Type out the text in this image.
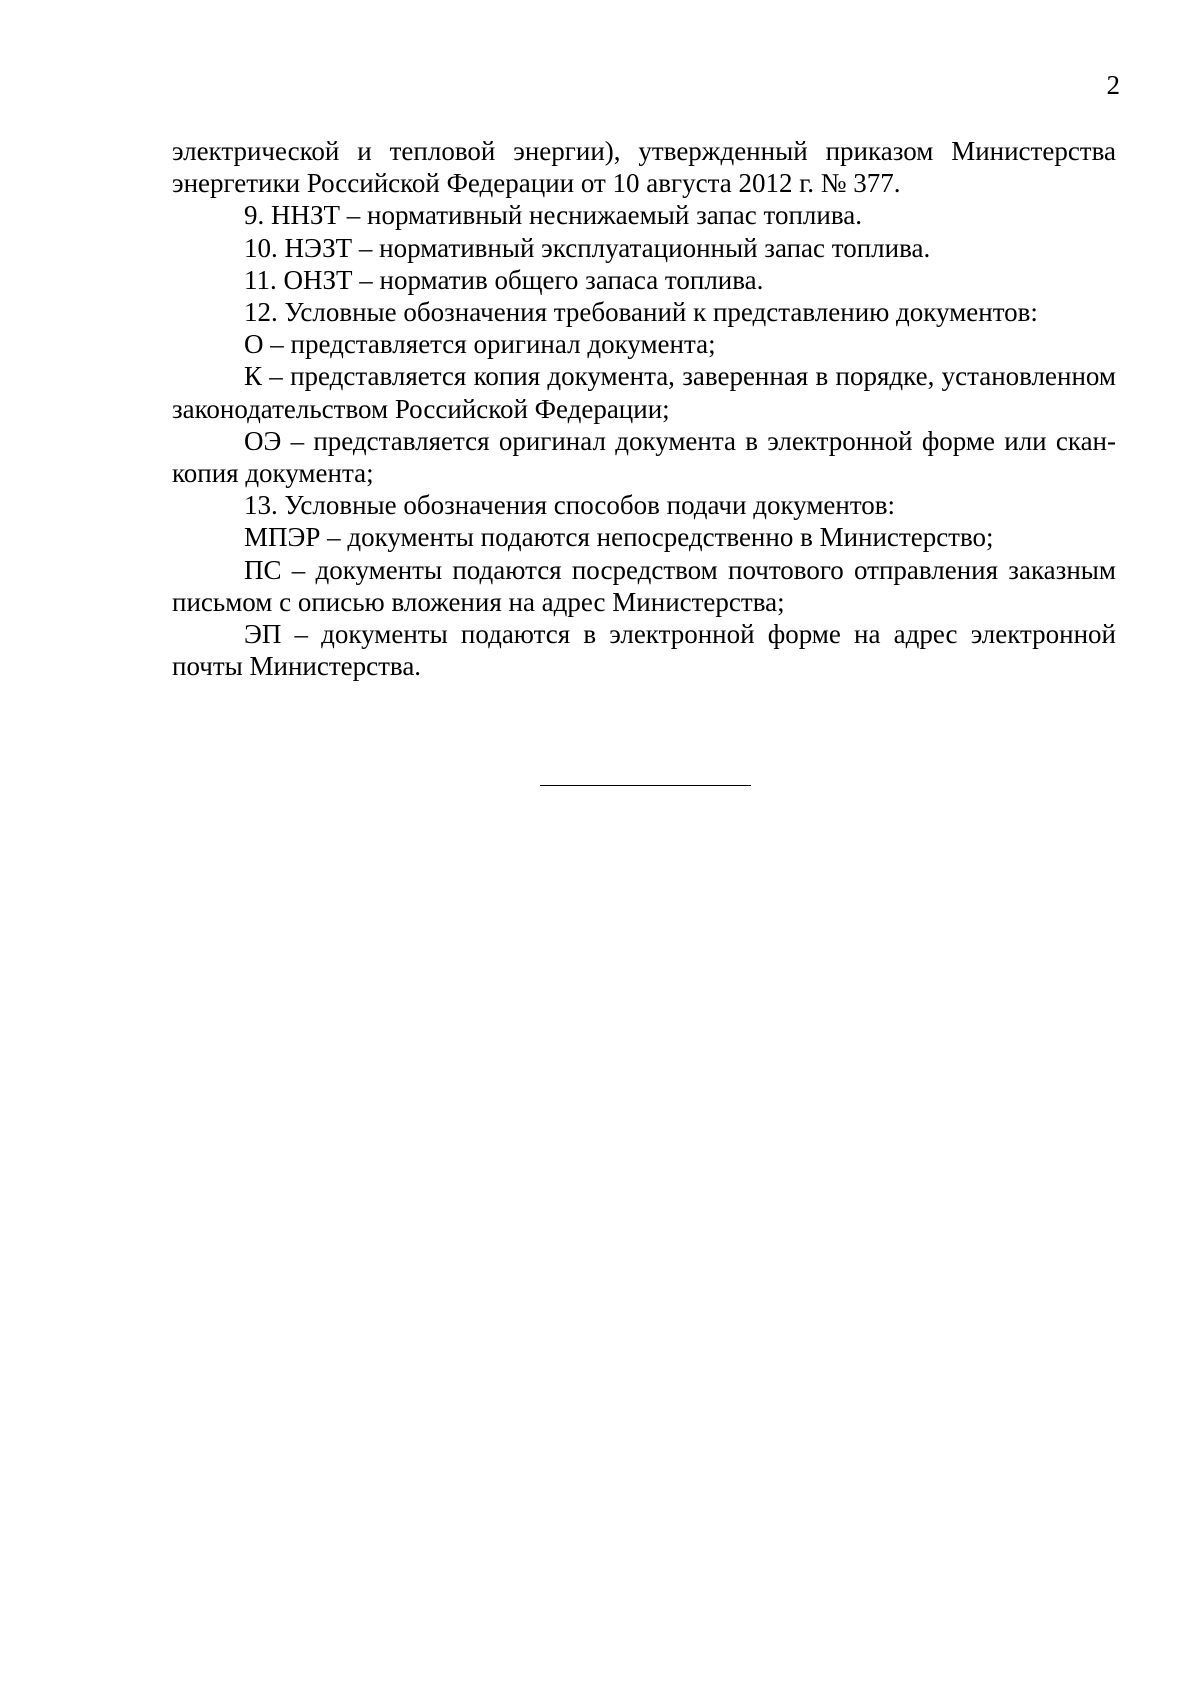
2

электрической и тепловой энергии), утвержденный приказом Министерства энергетики Российской Федерации от 10 августа 2012 г. № 377.

9. ННЗТ – нормативный неснижаемый запас топлива.

10. НЭЗТ – нормативный эксплуатационный запас топлива.

11. ОНЗТ – норматив общего запаса топлива.

12. Условные обозначения требований к представлению документов:

О – представляется оригинал документа;

К – представляется копия документа, заверенная в порядке, установленном законодательством Российской Федерации;

ОЭ – представляется оригинал документа в электронной форме или скан-копия документа;

13. Условные обозначения способов подачи документов:

МПЭР – документы подаются непосредственно в Министерство;

ПС – документы подаются посредством почтового отправления заказным письмом с описью вложения на адрес Министерства;

ЭП – документы подаются в электронной форме на адрес электронной почты Министерства.
